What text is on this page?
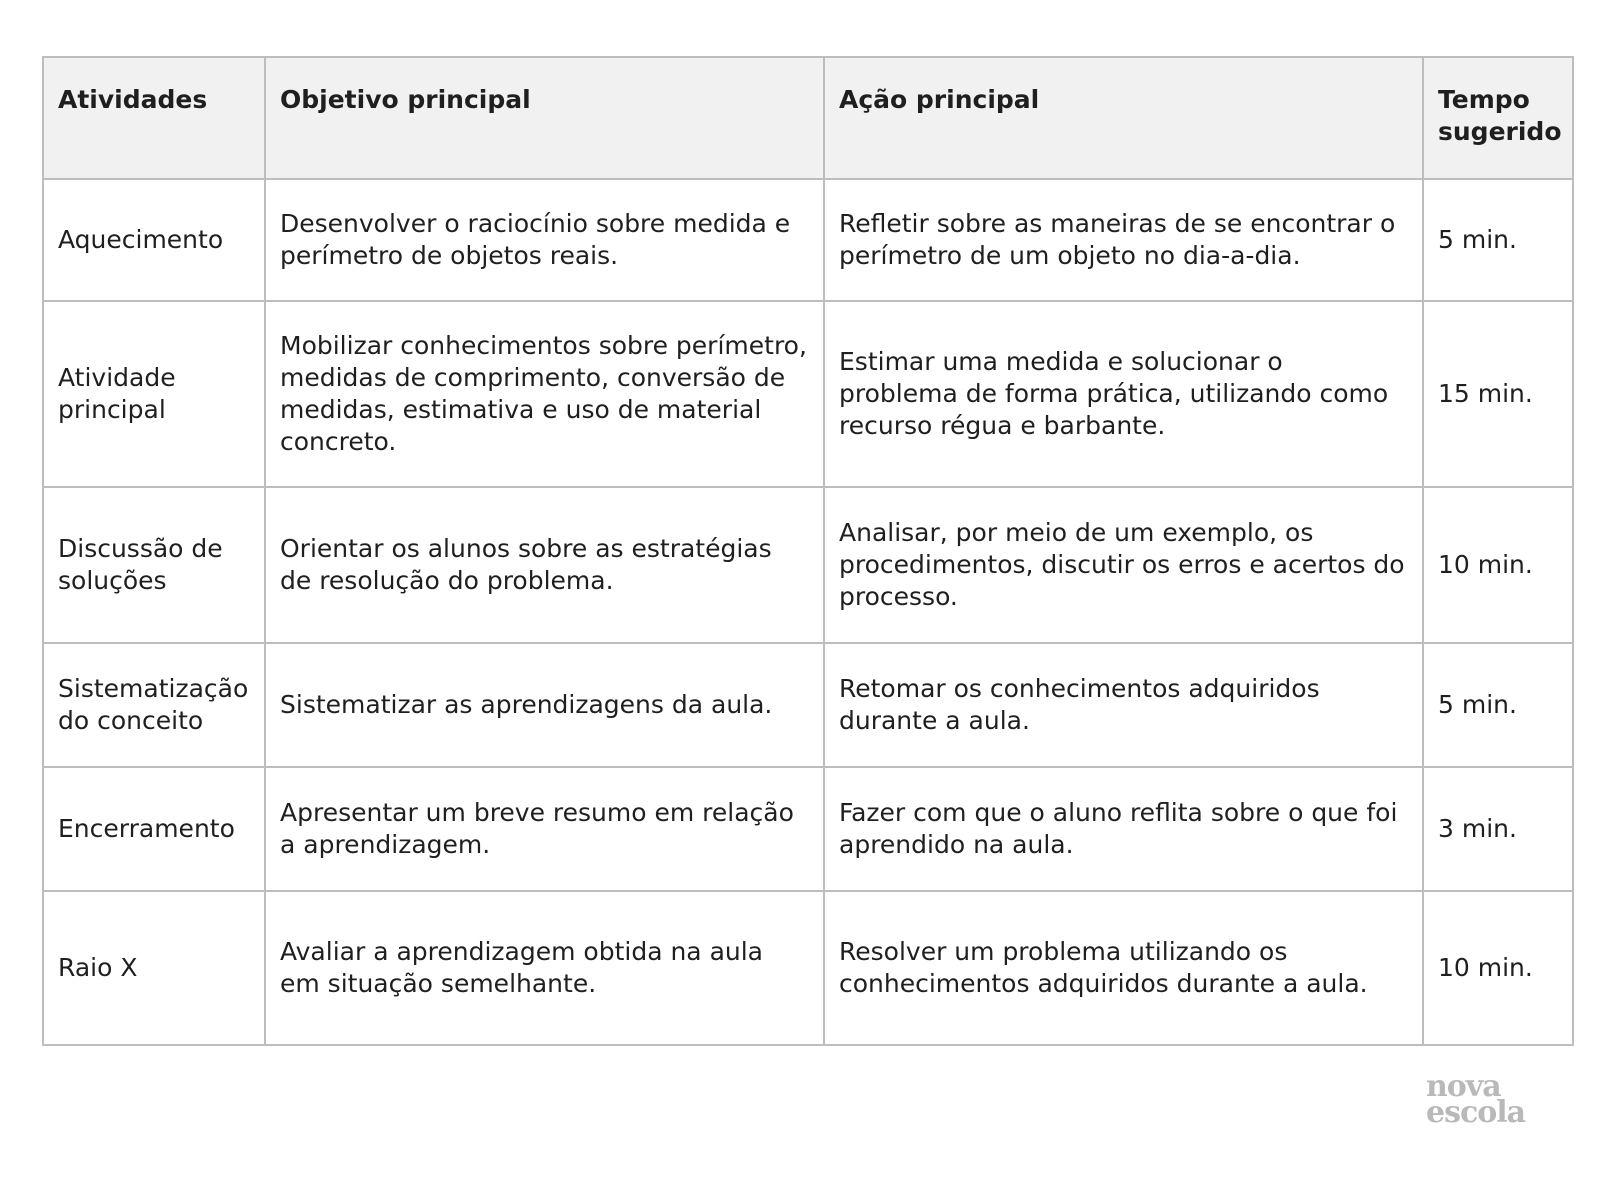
Atividades	Objetivo principal	Ação principal	Tempo sugerido
Aquecimento	Desenvolver o raciocínio sobre medida e perímetro de objetos reais.	Refletir sobre as maneiras de se encontrar o perímetro de um objeto no dia-a-dia.	5 min.
Atividade principal	Mobilizar conhecimentos sobre perímetro, medidas de comprimento, conversão de medidas, estimativa e uso de material concreto.	Estimar uma medida e solucionar o problema de forma prática, utilizando como recurso régua e barbante.	15 min.
Discussão de soluções	Orientar os alunos sobre as estratégias de resolução do problema.	Analisar, por meio de um exemplo, os procedimentos, discutir os erros e acertos do processo.	10 min.
Sistematização do conceito	Sistematizar as aprendizagens da aula.	Retomar os conhecimentos adquiridos durante a aula.	5 min.
Encerramento	Apresentar um breve resumo em relação a aprendizagem.	Fazer com que o aluno reflita sobre o que foi aprendido na aula.	3 min.
Raio X	Avaliar a aprendizagem obtida na aula em situação semelhante.	Resolver um problema utilizando os conhecimentos adquiridos durante a aula.	10 min.
nova
escola
